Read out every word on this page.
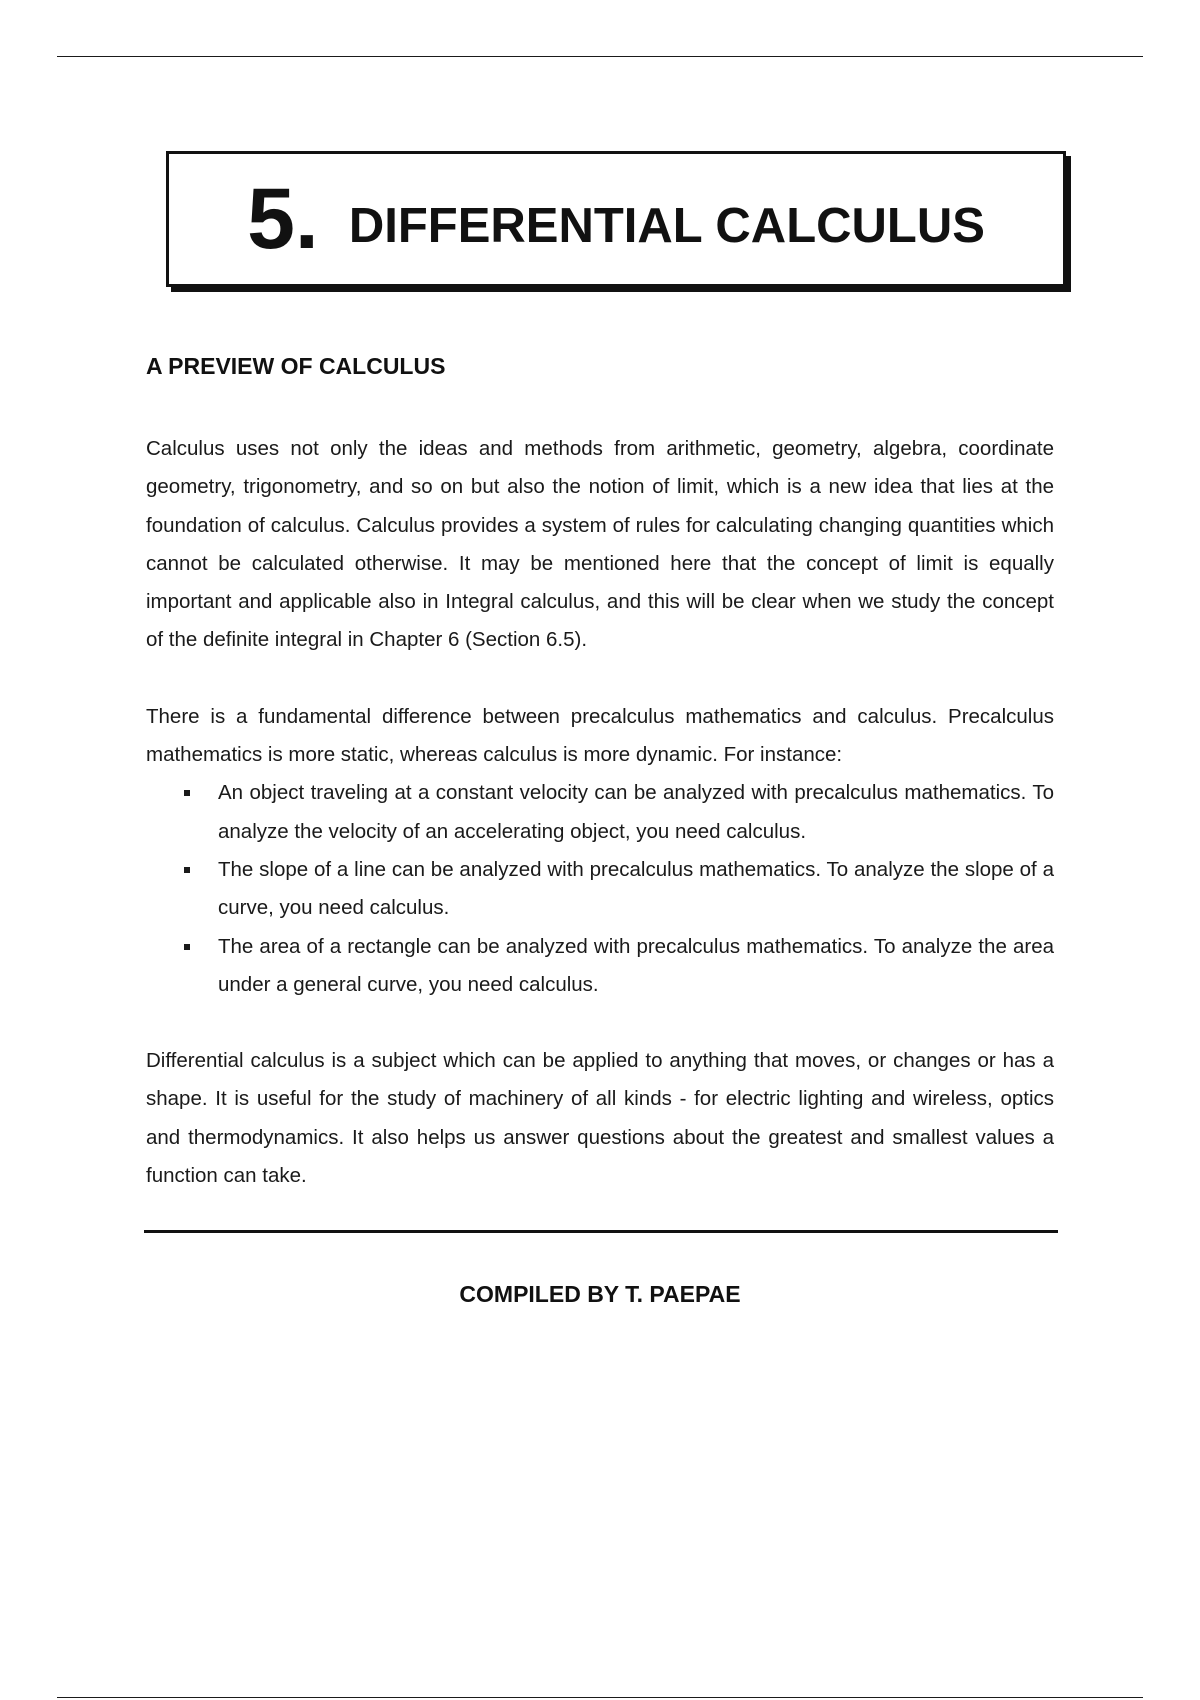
5. DIFFERENTIAL CALCULUS
A PREVIEW OF CALCULUS

Calculus uses not only the ideas and methods from arithmetic, geometry, algebra, coordinate geometry, trigonometry, and so on but also the notion of limit, which is a new idea that lies at the foundation of calculus. Calculus provides a system of rules for calculating changing quantities which cannot be calculated otherwise. It may be mentioned here that the concept of limit is equally important and applicable also in Integral calculus, and this will be clear when we study the concept of the definite integral in Chapter 6 (Section 6.5).

There is a fundamental difference between precalculus mathematics and calculus. Precalculus mathematics is more static, whereas calculus is more dynamic. For instance:

An object traveling at a constant velocity can be analyzed with precalculus mathematics. To analyze the velocity of an accelerating object, you need calculus.
The slope of a line can be analyzed with precalculus mathematics. To analyze the slope of a curve, you need calculus.
The area of a rectangle can be analyzed with precalculus mathematics. To analyze the area under a general curve, you need calculus.

Differential calculus is a subject which can be applied to anything that moves, or changes or has a shape. It is useful for the study of machinery of all kinds - for electric lighting and wireless, optics and thermodynamics. It also helps us answer questions about the greatest and smallest values a function can take.

COMPILED BY T. PAEPAE
